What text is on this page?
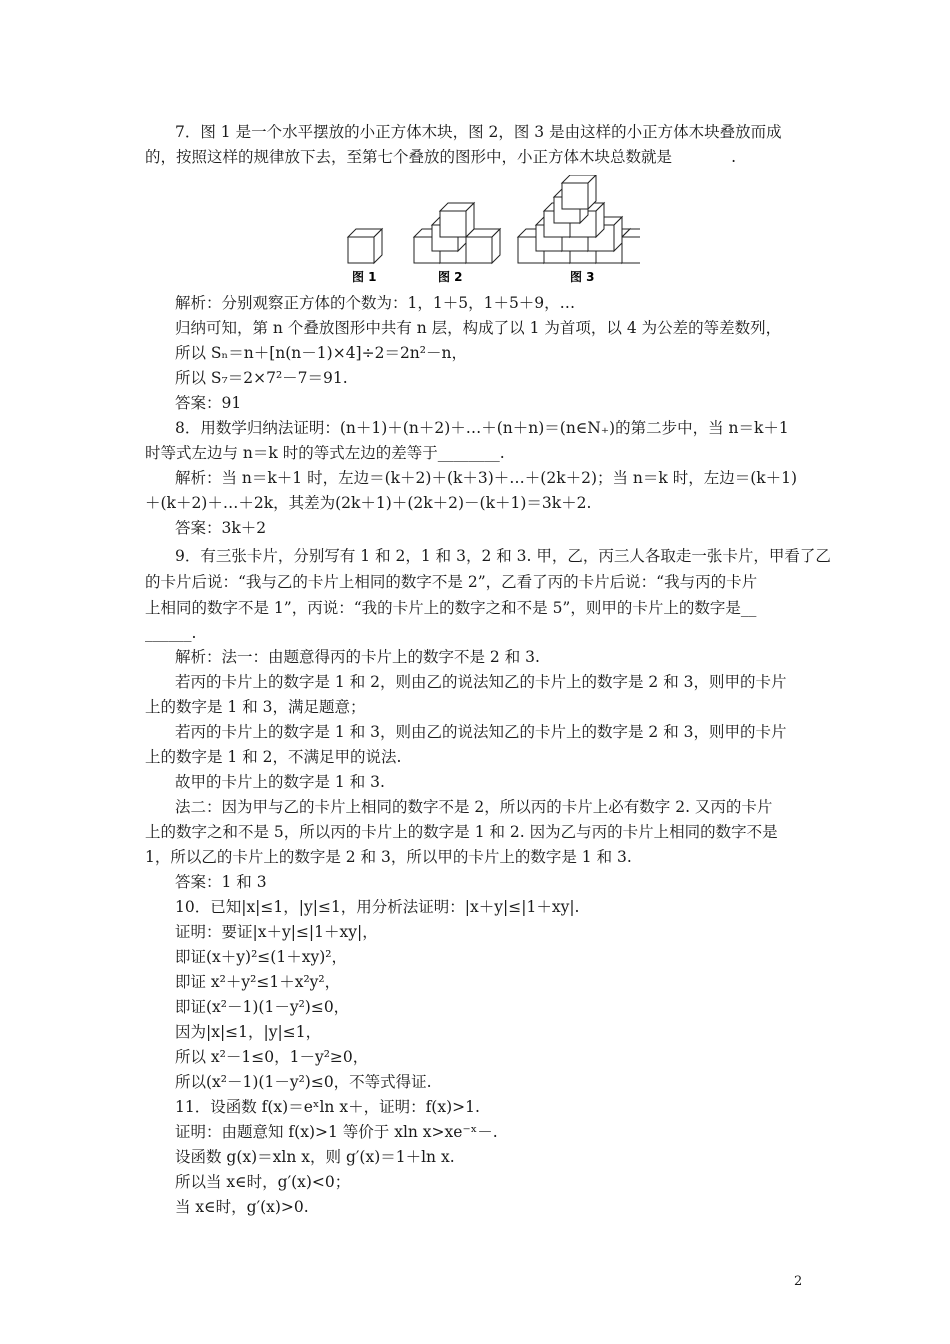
7．图 1 是一个水平摆放的小正方体木块，图 2，图 3 是由这样的小正方体木块叠放而成
的，按照这样的规律放下去，至第七个叠放的图形中，小正方体木块总数就是            .
图 1	图 2	图 3
解析：分别观察正方体的个数为：1，1＋5，1＋5＋9，…
归纳可知，第 n 个叠放图形中共有 n 层，构成了以 1 为首项，以 4 为公差的等差数列，
所以 Sₙ＝n＋[n(n－1)×4]÷2＝2n²－n，
所以 S₇＝2×7²－7＝91.
答案：91
8．用数学归纳法证明：(n＋1)＋(n＋2)＋…＋(n＋n)＝(n∈N₊)的第二步中，当 n＝k＋1
时等式左边与 n＝k 时的等式左边的差等于________.
解析：当 n＝k＋1 时，左边＝(k＋2)＋(k＋3)＋…＋(2k＋2)；当 n＝k 时，左边＝(k＋1)
＋(k＋2)＋…＋2k，其差为(2k＋1)＋(2k＋2)－(k＋1)＝3k＋2.
答案：3k＋2
9．有三张卡片，分别写有 1 和 2，1 和 3，2 和 3. 甲，乙，丙三人各取走一张卡片，甲看了乙
的卡片后说：“我与乙的卡片上相同的数字不是 2”，乙看了丙的卡片后说：“我与丙的卡片
上相同的数字不是 1”，丙说：“我的卡片上的数字之和不是 5”，则甲的卡片上的数字是__
______.
解析：法一：由题意得丙的卡片上的数字不是 2 和 3.
若丙的卡片上的数字是 1 和 2，则由乙的说法知乙的卡片上的数字是 2 和 3，则甲的卡片
上的数字是 1 和 3，满足题意；
若丙的卡片上的数字是 1 和 3，则由乙的说法知乙的卡片上的数字是 2 和 3，则甲的卡片
上的数字是 1 和 2，不满足甲的说法.
故甲的卡片上的数字是 1 和 3.
法二：因为甲与乙的卡片上相同的数字不是 2，所以丙的卡片上必有数字 2. 又丙的卡片
上的数字之和不是 5，所以丙的卡片上的数字是 1 和 2. 因为乙与丙的卡片上相同的数字不是
1，所以乙的卡片上的数字是 2 和 3，所以甲的卡片上的数字是 1 和 3.
答案：1 和 3
10．已知|x|≤1，|y|≤1，用分析法证明：|x＋y|≤|1＋xy|.
证明：要证|x＋y|≤|1＋xy|，
即证(x＋y)²≤(1＋xy)²，
即证 x²＋y²≤1＋x²y²，
即证(x²－1)(1－y²)≤0，
因为|x|≤1，|y|≤1，
所以 x²－1≤0，1－y²≥0，
所以(x²－1)(1－y²)≤0，不等式得证.
11．设函数 f(x)＝eˣln x＋，证明：f(x)>1.
证明：由题意知 f(x)>1 等价于 xln x>xe⁻ˣ－.
设函数 g(x)＝xln x，则 g′(x)＝1＋ln x.
所以当 x∈时，g′(x)<0；
当 x∈时，g′(x)>0.
2
